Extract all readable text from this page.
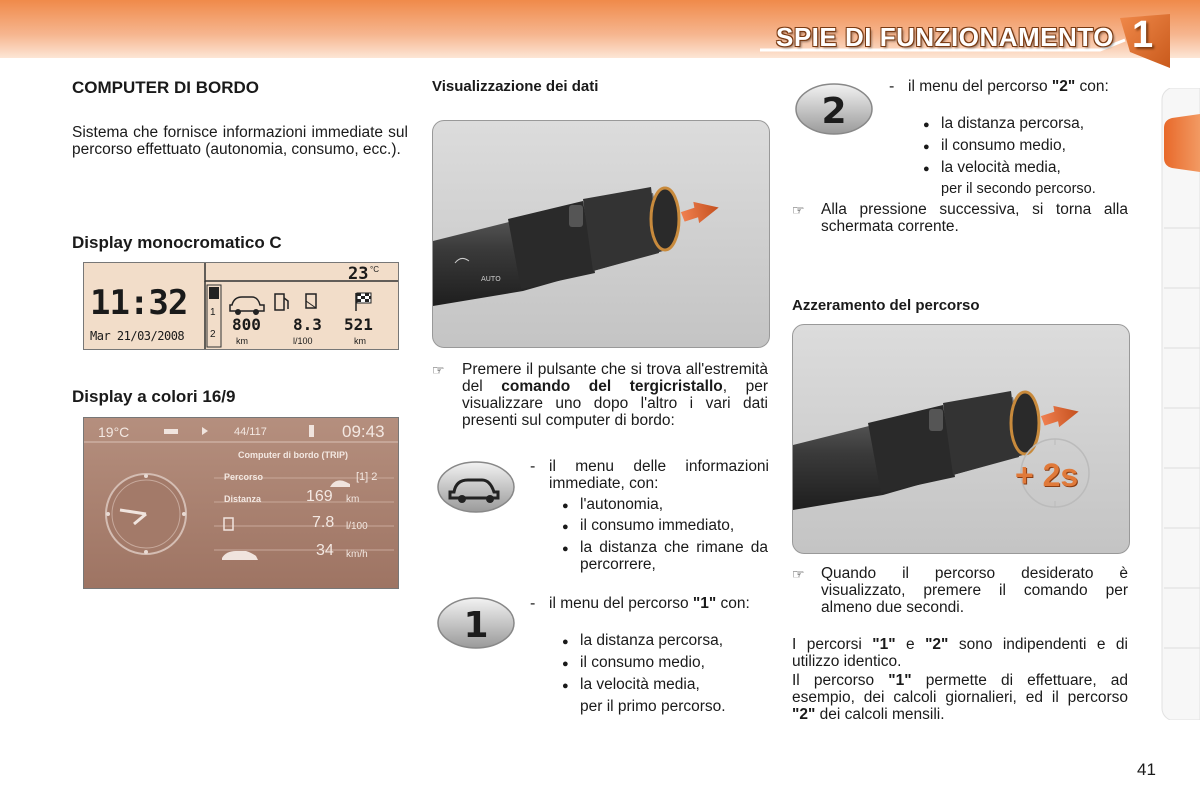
SPIE DI FUNZIONAMENTO 1
COMPUTER DI BORDO
Sistema che fornisce informazioni immediate sul percorso effettuato (autonomia, consumo, ecc.).
Display monocromatico C
23 °C
11:32
Mar 21/03/2008
1
2
800 8.3 521
km	l/100	km
Display a colori 16/9
19°C	44/117	09:43
Computer di bordo (TRIP)
Percorso	[1] 2
Distanza	169 km
7.8 l/100
34 km/h
Visualizzazione dei dati
AUTO
☞ Premere il pulsante che si trova all'estremità del comando del tergicristallo, per visualizzare uno dopo l'altro i vari dati presenti sul computer di bordo:
- il menu delle informazioni immediate, con:
● l'autonomia,
● il consumo immediato,
● la distanza che rimane da percorrere,
1
- il menu del percorso "1" con:
● la distanza percorsa,
● il consumo medio,
● la velocità media,
per il primo percorso.
2
- il menu del percorso "2" con:
● la distanza percorsa,
● il consumo medio,
● la velocità media,
per il secondo percorso.
☞ Alla pressione successiva, si torna alla schermata corrente.
Azzeramento del percorso
+ 2s
☞ Quando il percorso desiderato è visualizzato, premere il comando per almeno due secondi.
I percorsi "1" e "2" sono indipendenti e di utilizzo identico.
Il percorso "1" permette di effettuare, ad esempio, dei calcoli giornalieri, ed il percorso "2" dei calcoli mensili.
41
